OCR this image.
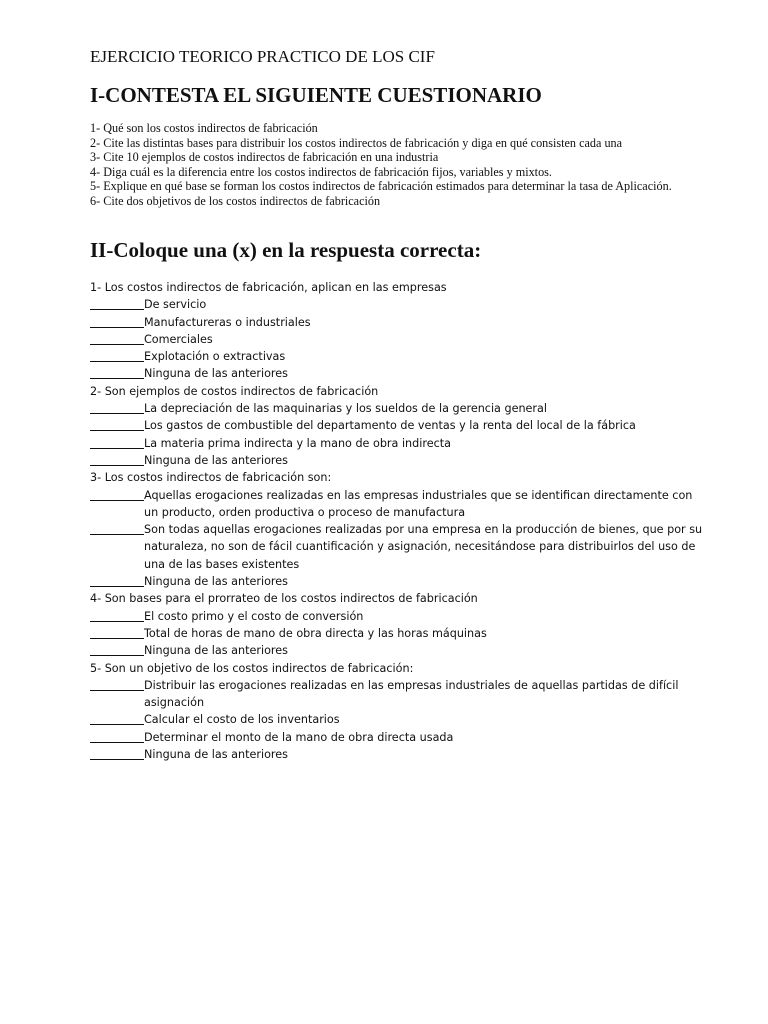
EJERCICIO TEORICO PRACTICO DE LOS CIF
I-CONTESTA EL SIGUIENTE CUESTIONARIO
1- Qué son los costos indirectos de fabricación
2- Cite las distintas bases para distribuir los costos indirectos de fabricación y diga en qué consisten cada una
3- Cite 10 ejemplos de costos indirectos de fabricación en una industria
4- Diga cuál es la diferencia entre los costos indirectos de fabricación fijos, variables y mixtos.
5- Explique en qué base se forman los costos indirectos de fabricación estimados para determinar la tasa de Aplicación.
6- Cite dos objetivos de los costos indirectos de fabricación
II-Coloque una (x) en la respuesta correcta:
1- Los costos indirectos de fabricación, aplican en las empresas
De servicio
Manufactureras o industriales
Comerciales
Explotación o extractivas
Ninguna de las anteriores
2- Son ejemplos de costos indirectos de fabricación
La depreciación de las maquinarias y los sueldos de la gerencia general
Los gastos de combustible del departamento de ventas y la renta del local de la fábrica
La materia prima indirecta y la mano de obra indirecta
Ninguna de las anteriores
3- Los costos indirectos de fabricación son:
Aquellas erogaciones realizadas en las empresas industriales que se identifican directamente con un producto, orden productiva o proceso de manufactura
Son todas aquellas erogaciones realizadas por una empresa en la producción de bienes, que por su naturaleza, no son de fácil cuantificación y asignación, necesitándose para distribuirlos del uso de una de las bases existentes
Ninguna de las anteriores
4- Son bases para el prorrateo de los costos indirectos de fabricación
El costo primo y el costo de conversión
Total de horas de mano de obra directa y las horas máquinas
Ninguna de las anteriores
5- Son un objetivo de los costos indirectos de fabricación:
Distribuir las erogaciones realizadas en las empresas industriales de aquellas partidas de difícil asignación
Calcular el costo de los inventarios
Determinar el monto de la mano de obra directa usada
Ninguna de las anteriores
